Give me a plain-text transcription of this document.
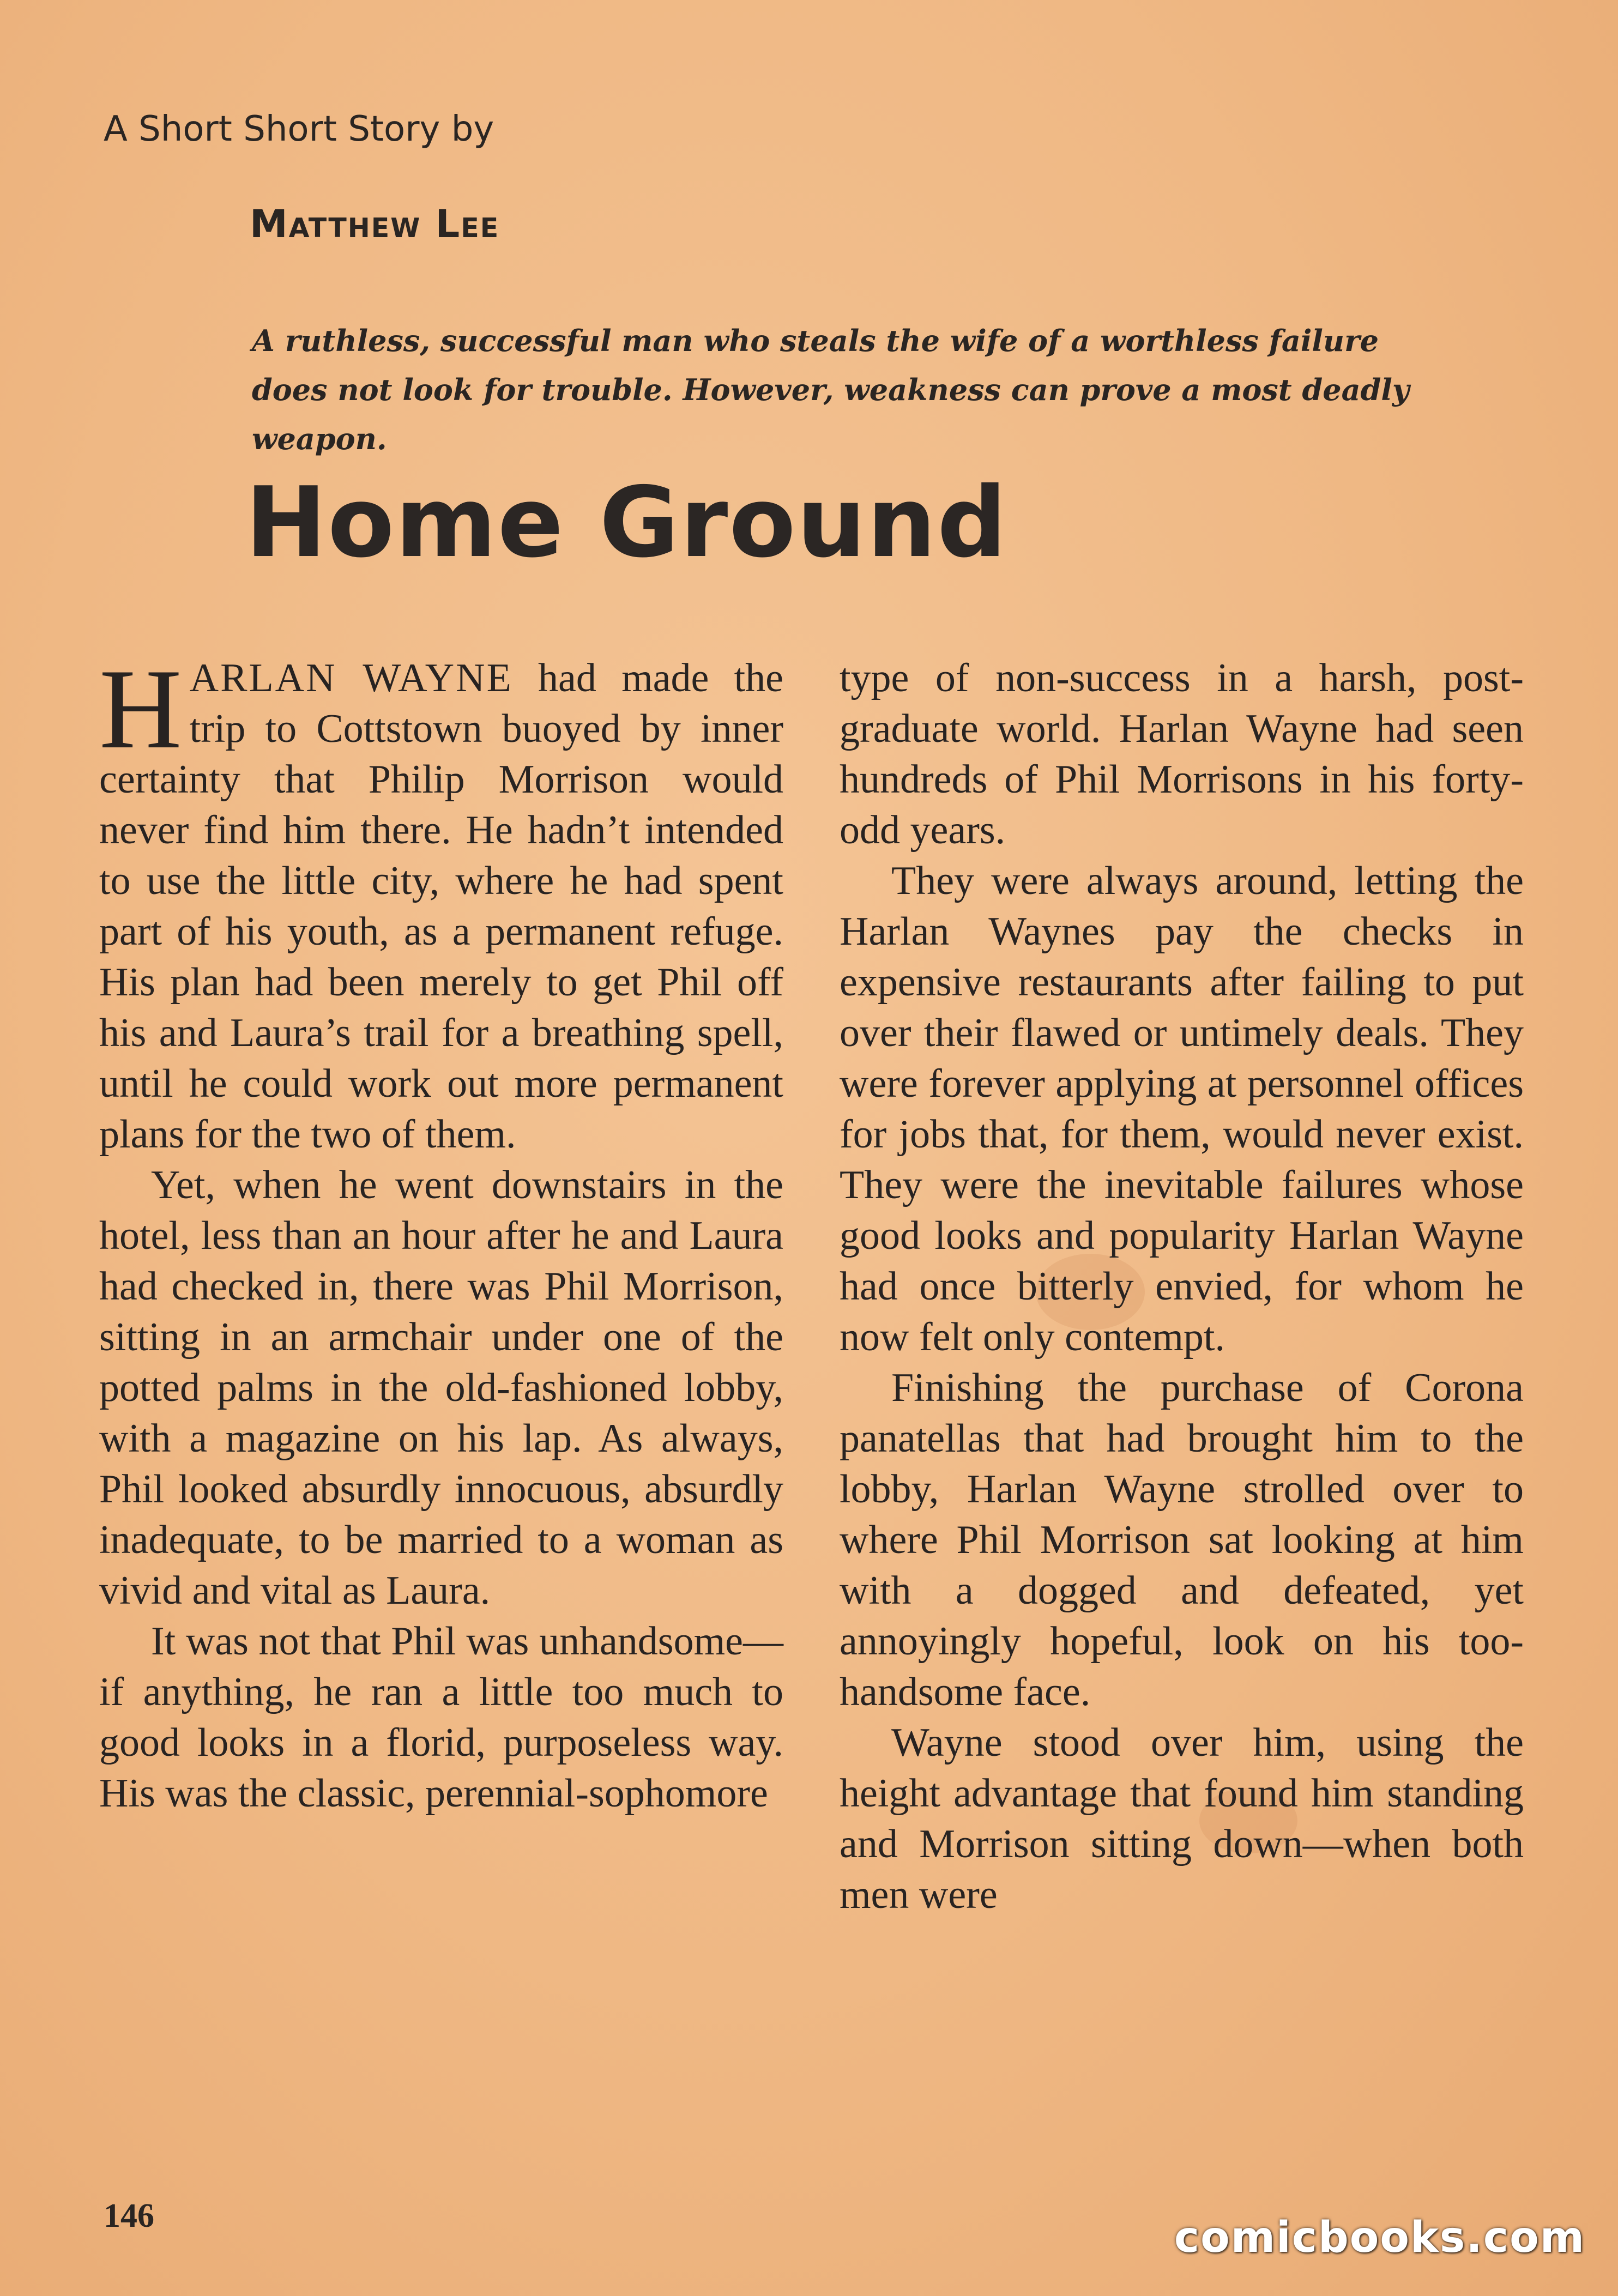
A Short Short Story by
Matthew Lee

A ruthless, successful man who steals the wife of a worthless failure does not look for trouble. However, weakness can prove a most deadly weapon.

Home Ground

HARLAN WAYNE had made the trip to Cottstown buoyed by inner certainty that Philip Morrison would never find him there. He hadn’t intended to use the little city, where he had spent part of his youth, as a permanent refuge. His plan had been merely to get Phil off his and Laura’s trail for a breathing spell, until he could work out more permanent plans for the two of them.

Yet, when he went downstairs in the hotel, less than an hour after he and Laura had checked in, there was Phil Morrison, sitting in an armchair under one of the potted palms in the old-fashioned lobby, with a magazine on his lap. As always, Phil looked absurdly innocuous, absurdly inadequate, to be married to a woman as vivid and vital as Laura.

It was not that Phil was unhandsome—if anything, he ran a little too much to good looks in a florid, purposeless way. His was the classic, perennial-sophomore

type of non-success in a harsh, post-graduate world. Harlan Wayne had seen hundreds of Phil Morrisons in his forty-odd years.

They were always around, letting the Harlan Waynes pay the checks in expensive restaurants after failing to put over their flawed or untimely deals. They were forever applying at personnel offices for jobs that, for them, would never exist. They were the inevitable failures whose good looks and popularity Harlan Wayne had once bitterly envied, for whom he now felt only contempt.

Finishing the purchase of Corona panatellas that had brought him to the lobby, Harlan Wayne strolled over to where Phil Morrison sat looking at him with a dogged and defeated, yet annoyingly hopeful, look on his too-handsome face.

Wayne stood over him, using the height advantage that found him standing and Morrison sitting down—when both men were

146	comicbooks.com
